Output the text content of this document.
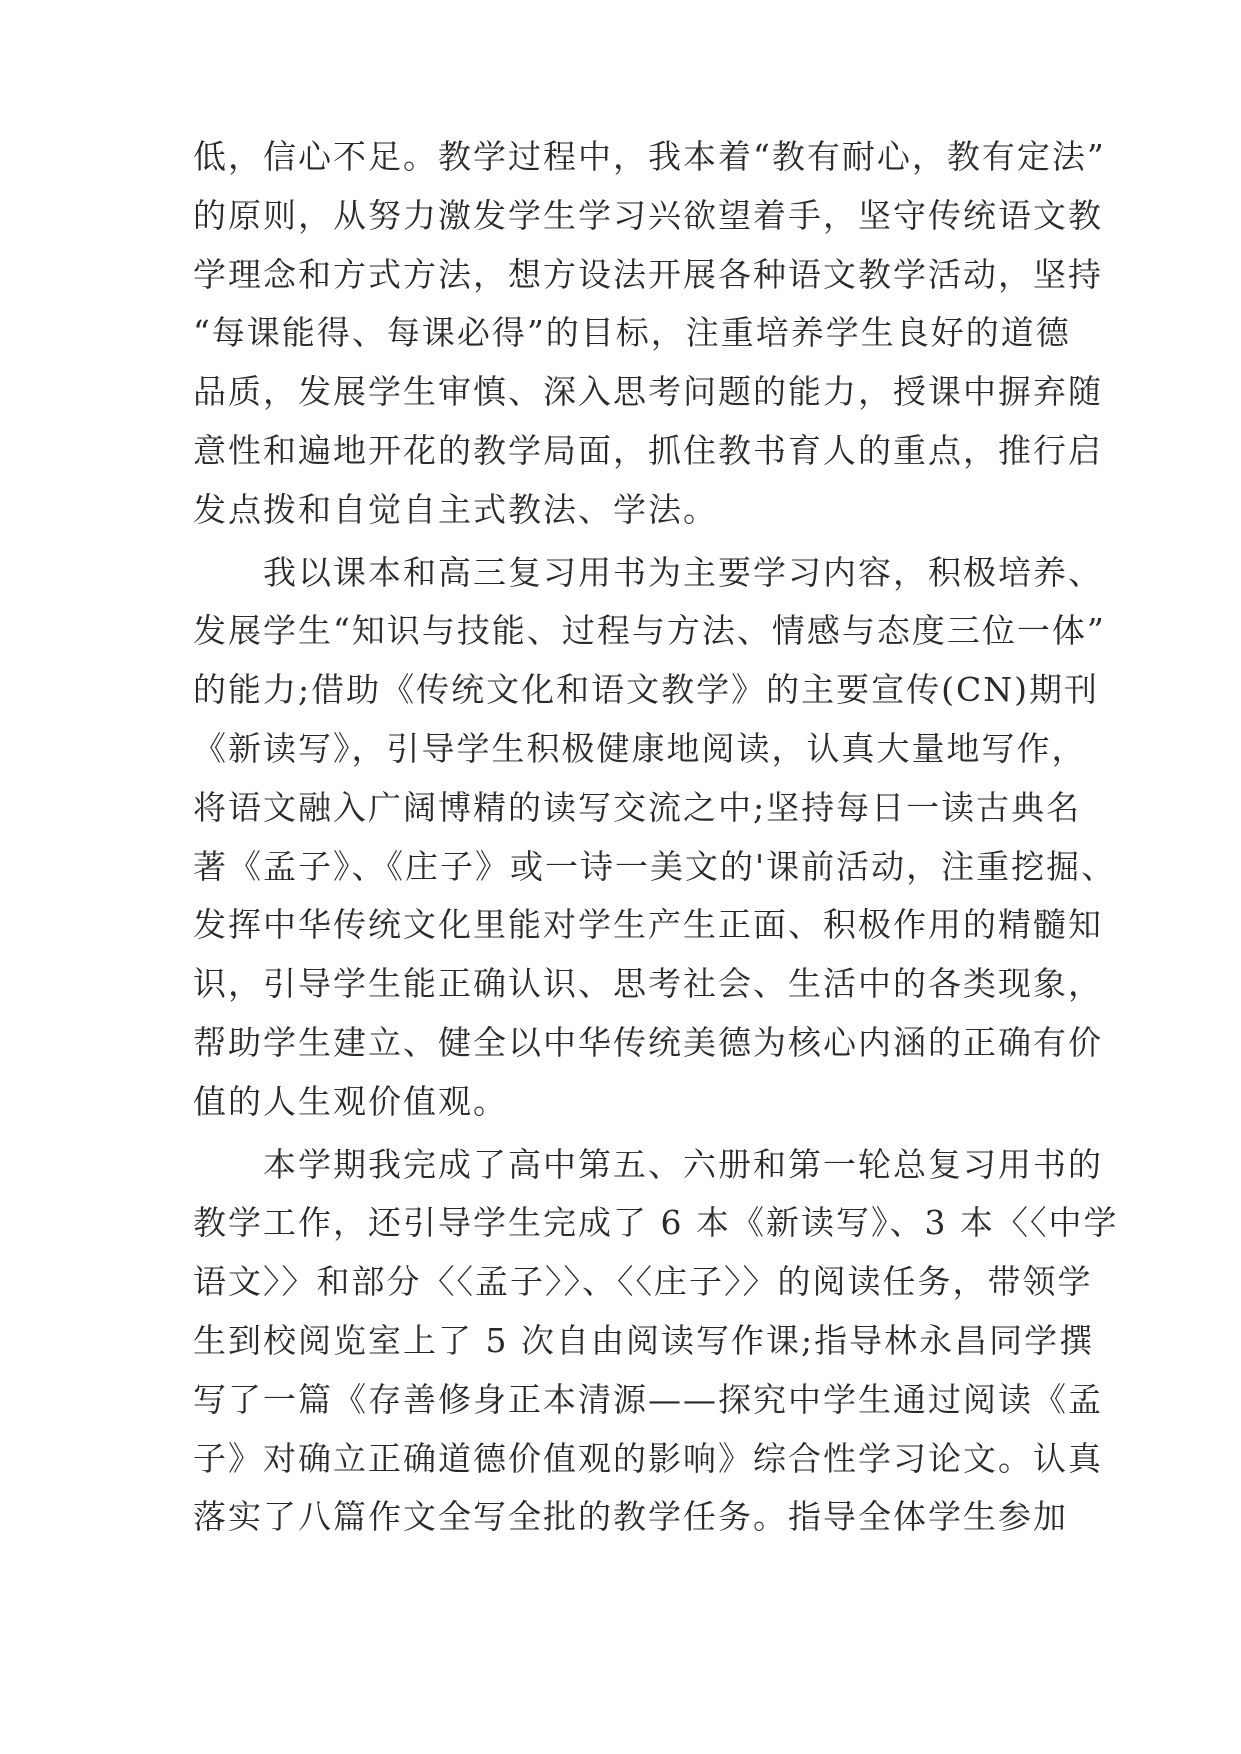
低，信心不足。教学过程中，我本着“教有耐心，教有定法”
的原则，从努力激发学生学习兴欲望着手，坚守传统语文教
学理念和方式方法，想方设法开展各种语文教学活动，坚持
“每课能得、每课必得”的目标，注重培养学生良好的道德
品质，发展学生审慎、深入思考问题的能力，授课中摒弃随
意性和遍地开花的教学局面，抓住教书育人的重点，推行启
发点拨和自觉自主式教法、学法。
　　我以课本和高三复习用书为主要学习内容，积极培养、
发展学生“知识与技能、过程与方法、情感与态度三位一体”
的能力;借助《传统文化和语文教学》的主要宣传(CN)期刊
《新读写》，引导学生积极健康地阅读，认真大量地写作，
将语文融入广阔博精的读写交流之中;坚持每日一读古典名
著《孟子》、《庄子》或一诗一美文的'课前活动，注重挖掘、
发挥中华传统文化里能对学生产生正面、积极作用的精髓知
识，引导学生能正确认识、思考社会、生活中的各类现象，
帮助学生建立、健全以中华传统美德为核心内涵的正确有价
值的人生观价值观。
　　本学期我完成了高中第五、六册和第一轮总复习用书的
教学工作，还引导学生完成了 6 本《新读写》、3 本〈〈中学
语文〉〉和部分〈〈孟子〉〉、〈〈庄子〉〉的阅读任务，带领学
生到校阅览室上了 5 次自由阅读写作课;指导林永昌同学撰
写了一篇《存善修身正本清源——探究中学生通过阅读《孟
子》对确立正确道德价值观的影响》综合性学习论文。认真
落实了八篇作文全写全批的教学任务。指导全体学生参加
